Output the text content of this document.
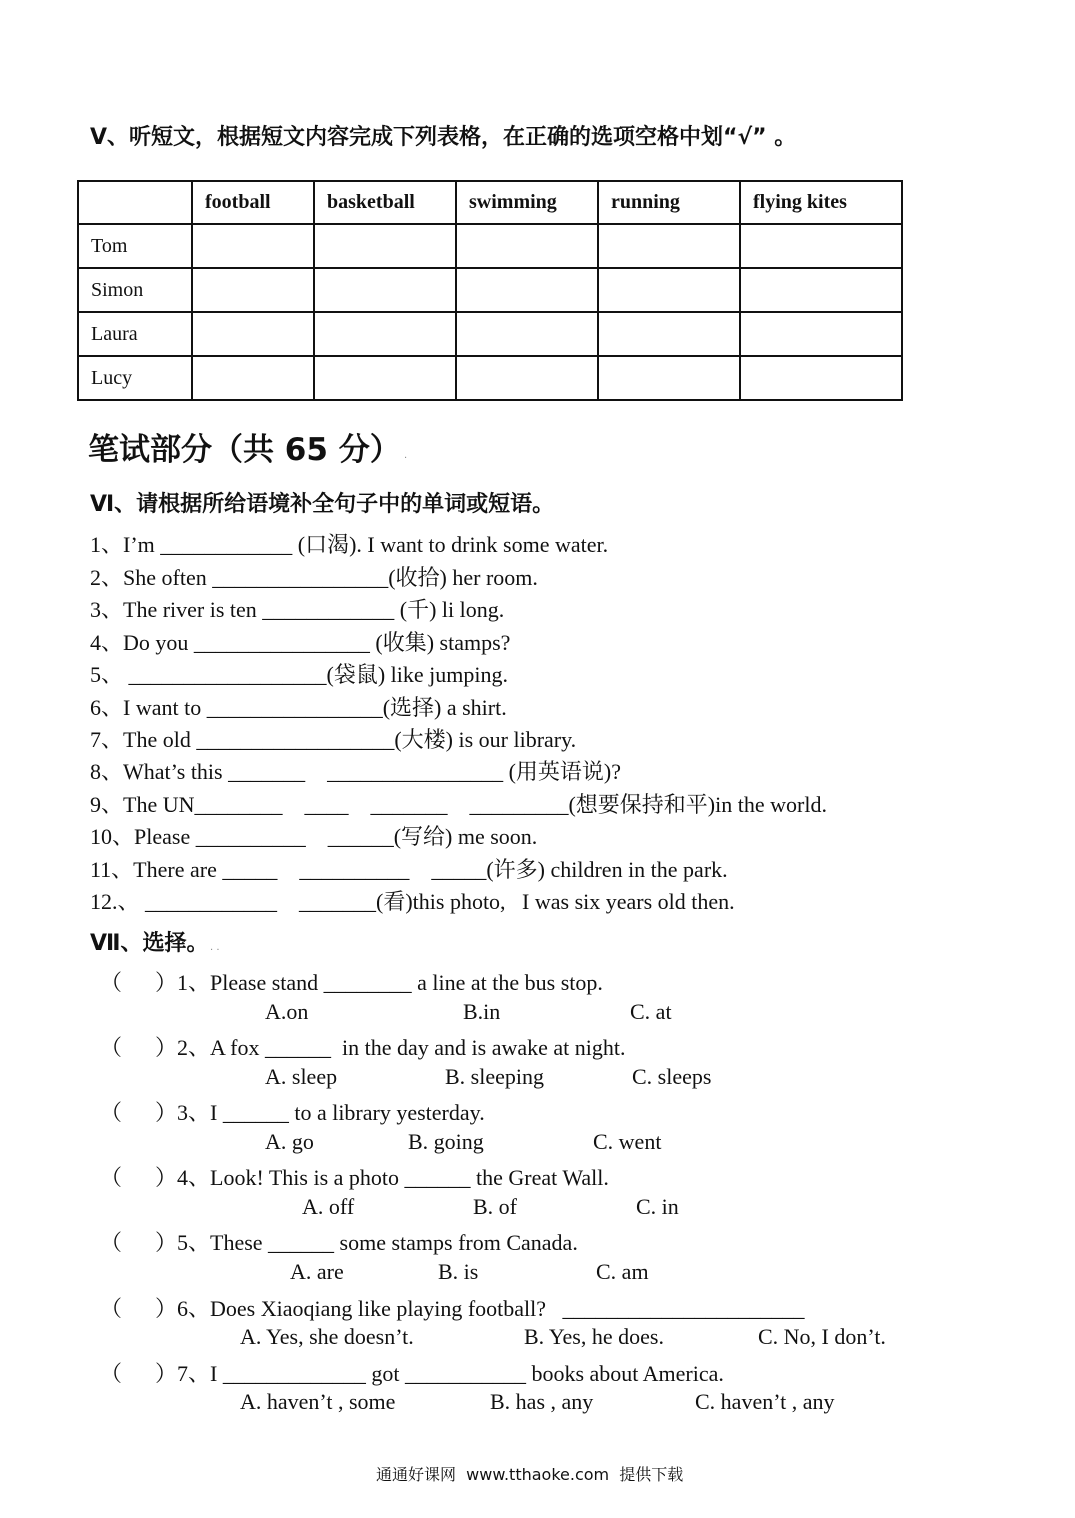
Ⅴ、听短文，根据短文内容完成下列表格，在正确的选项空格中划“√” 。
	football	basketball	swimming	running	flying kites
Tom					
Simon					
Laura					
Lucy					
笔试部分（共 65 分） .
Ⅵ、请根据所给语境补全句子中的单词或短语。
1、I’m ____________ (口渴). I want to drink some water.
2、She often ________________(收拾) her room.
3、The river is ten ____________ (千) li long.
4、Do you ________________ (收集) stamps?
5、 __________________(袋鼠) like jumping.
6、I want to ________________(选择) a shirt.
7、The old __________________(大楼) is our library.
8、What’s this _______    ________________ (用英语说)?
9、The UN________    ____    _______    _________(想要保持和平)in the world.
10、Please __________    ______(写给) me soon.
11、There are _____    __________    _____(许多) children in the park.
12.、 ____________    _______(看)this photo,   I was six years old then.
Ⅶ、选择。 . .
（      ）1、Please stand ________ a line at the bus stop.
A.on	B.in	C. at
（      ）2、A fox ______  in the day and is awake at night.
A. sleep	B. sleeping	C. sleeps
（      ）3、I ______ to a library yesterday.
A. go	B. going	C. went
（      ）4、Look! This is a photo ______ the Great Wall.
A. off	B. of	C. in
（      ）5、These ______ some stamps from Canada.
A. are	B. is	C. am
（      ）6、Does Xiaoqiang like playing football?   ______________________
A. Yes, she doesn’t.	B. Yes, he does.	C. No, I don’t.
（      ）7、I _____________ got ___________ books about America.
A. haven’t , some	B. has , any	C. haven’t , any
通通好课网  www.tthaoke.com  提供下载
